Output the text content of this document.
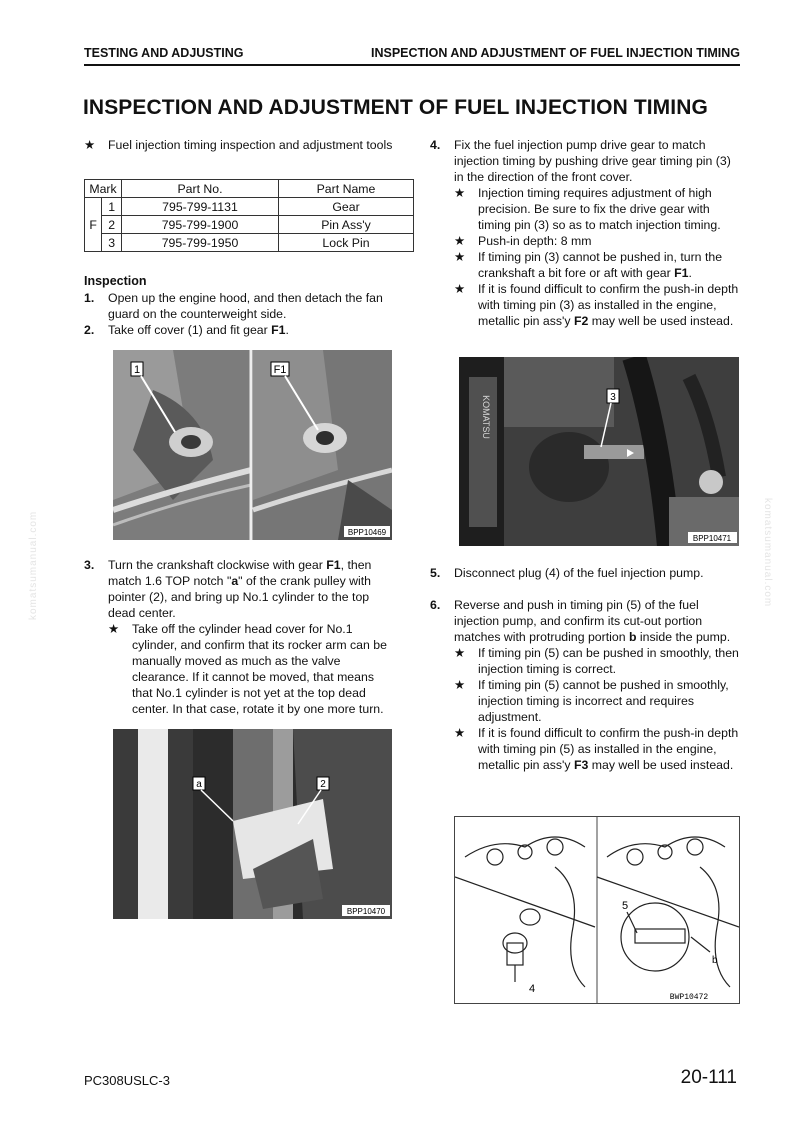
TESTING AND ADJUSTING	INSPECTION AND ADJUSTMENT OF FUEL INJECTION TIMING
INSPECTION AND ADJUSTMENT OF FUEL INJECTION TIMING

★ Fuel injection timing inspection and adjustment tools

Mark		Part No.	Part Name
F	1	795-799-1131	Gear
	2	795-799-1900	Pin Ass'y
	3	795-799-1950	Lock Pin
Inspection

1. Open up the engine hood, and then detach the fan guard on the counterweight side.

2. Take off cover (1) and fit gear F1.

1	F1
BPP10469

3. Turn the crankshaft clockwise with gear F1, then match 1.6 TOP notch "a" of the crank pulley with pointer (2), and bring up No.1 cylinder to the top dead center.

★ Take off the cylinder head cover for No.1 cylinder, and confirm that its rocker arm can be manually moved as much as the valve clearance. If it cannot be moved, that means that No.1 cylinder is not yet at the top dead center. In that case, rotate it by one more turn.

a	2
BPP10470

4. Fix the fuel injection pump drive gear to match injection timing by pushing drive gear timing pin (3) in the direction of the front cover.

★ Injection timing requires adjustment of high precision. Be sure to fix the drive gear with timing pin (3) so as to match injection timing.

★ Push-in depth: 8 mm

★ If timing pin (3) cannot be pushed in, turn the crankshaft a bit fore or aft with gear F1.

★ If it is found difficult to confirm the push-in depth with timing pin (3) as installed in the engine, metallic pin ass'y F2 may well be used instead.

KOMATSU	3
BPP10471

5. Disconnect plug (4) of the fuel injection pump.

6. Reverse and push in timing pin (5) of the fuel injection pump, and confirm its cut-out portion matches with protruding portion b inside the pump.

★ If timing pin (5) can be pushed in smoothly, then injection timing is correct.

★ If timing pin (5) cannot be pushed in smoothly, injection timing is incorrect and requires adjustment.

★ If it is found difficult to confirm the push-in depth with timing pin (5) as installed in the engine, metallic pin ass'y F3 may well be used instead.

5
b
4
BWP10472
PC308USLC-3	20-111
komatsumanual.com	komatsumanual.com
